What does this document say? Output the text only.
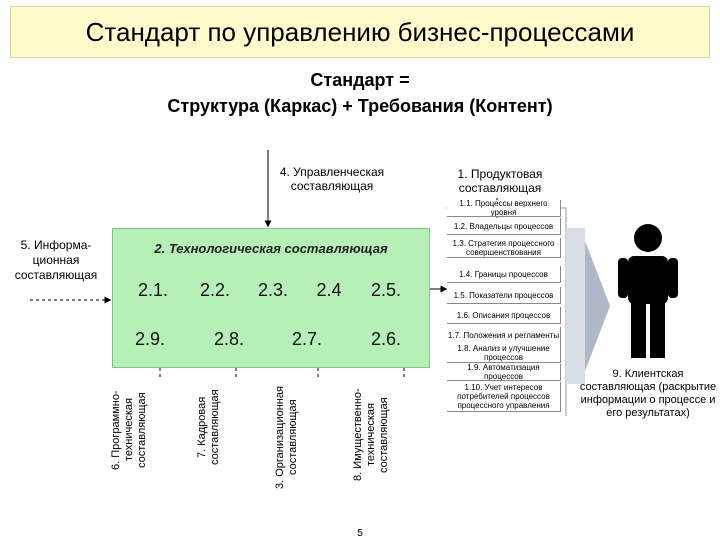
Стандарт по управлению бизнес-процессами
Стандарт =
Структура (Каркас) + Требования (Контент)
4. Управленческая составляющая
1. Продуктовая составляющая
5. Информа-ционная составляющая
2. Технологическая составляющая
2.1.	2.2.	2.3.	2.4	2.5.
2.9.	2.8.	2.7.	2.6.
1.1. Процессы верхнего уровня
1.2. Владельцы процессов
1.3. Стратегия процессного совершенствования
1.4. Границы процессов
1.5. Показатели процессов
1.6. Описания процессов
1.7. Положения и регламенты
1.8. Анализ и улучшение процессов
1.9. Автоматизация процессов
1.10. Учет интересов потребителей процессов процессного управления
6. Программно-техническая составляющая	7. Кадровая составляющая	3. Организационная составляющая	8. Имущественно-техническая составляющая
9. Клиентская составляющая (раскрытие информации о процессе и его результатах)
5
